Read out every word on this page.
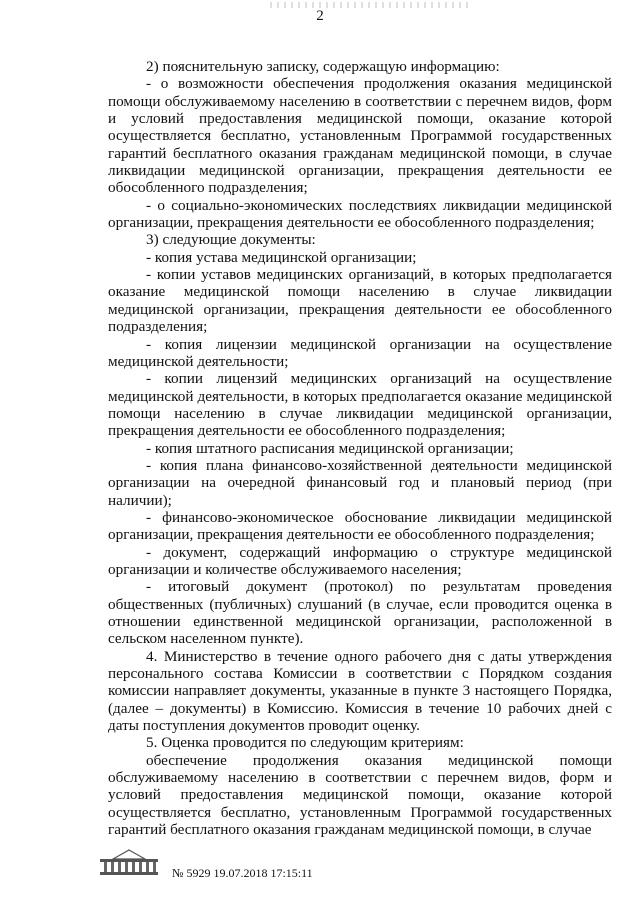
2

2) пояснительную записку, содержащую информацию:

- о возможности обеспечения продолжения оказания медицинской помощи обслуживаемому населению в соответствии с перечнем видов, форм и условий предоставления медицинской помощи, оказание которой осуществляется бесплатно, установленным Программой государственных гарантий бесплатного оказания гражданам медицинской помощи, в случае ликвидации медицинской организации, прекращения деятельности ее обособленного подразделения;

- о социально-экономических последствиях ликвидации медицинской организации, прекращения деятельности ее обособленного подразделения;

3) следующие документы:

- копия устава медицинской организации;

- копии уставов медицинских организаций, в которых предполагается оказание медицинской помощи населению в случае ликвидации медицинской организации, прекращения деятельности ее обособленного подразделения;

- копия лицензии медицинской организации на осуществление медицинской деятельности;

- копии лицензий медицинских организаций на осуществление медицинской деятельности, в которых предполагается оказание медицинской помощи населению в случае ликвидации медицинской организации, прекращения деятельности ее обособленного подразделения;

- копия штатного расписания медицинской организации;

- копия плана финансово-хозяйственной деятельности медицинской организации на очередной финансовый год и плановый период (при наличии);

- финансово-экономическое обоснование ликвидации медицинской организации, прекращения деятельности ее обособленного подразделения;

- документ, содержащий информацию о структуре медицинской организации и количестве обслуживаемого населения;

- итоговый документ (протокол) по результатам проведения общественных (публичных) слушаний (в случае, если проводится оценка в отношении единственной медицинской организации, расположенной в сельском населенном пункте).

4. Министерство в течение одного рабочего дня с даты утверждения персонального состава Комиссии в соответствии с Порядком создания комиссии направляет документы, указанные в пункте 3 настоящего Порядка, (далее – документы) в Комиссию. Комиссия в течение 10 рабочих дней с даты поступления документов проводит оценку.

5. Оценка проводится по следующим критериям:

обеспечение продолжения оказания медицинской помощи обслуживаемому населению в соответствии с перечнем видов, форм и условий предоставления медицинской помощи, оказание которой осуществляется бесплатно, установленным Программой государственных гарантий бесплатного оказания гражданам медицинской помощи, в случае

№ 5929 19.07.2018 17:15:11
